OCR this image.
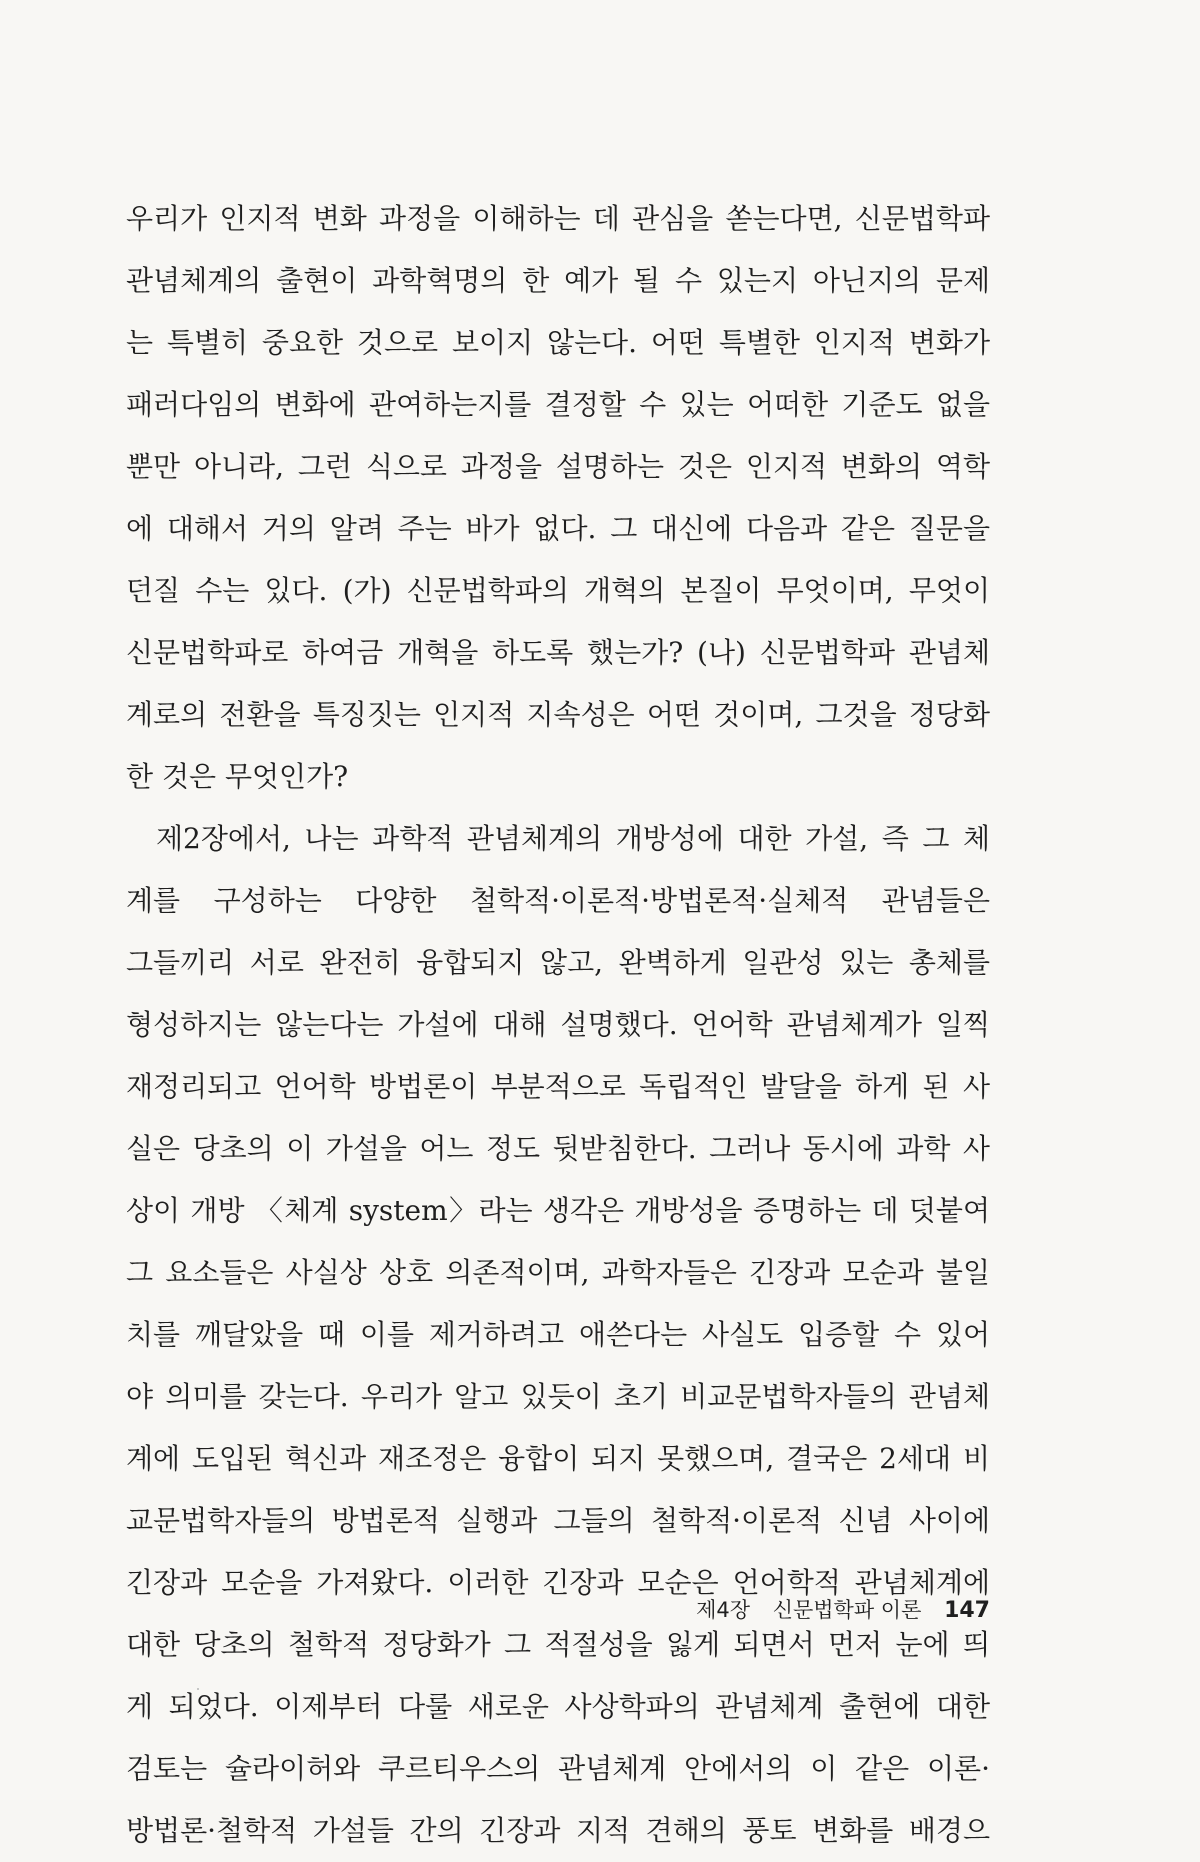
우리가 인지적 변화 과정을 이해하는 데 관심을 쏟는다면, 신문법학파
관념체계의 출현이 과학혁명의 한 예가 될 수 있는지 아닌지의 문제
는 특별히 중요한 것으로 보이지 않는다. 어떤 특별한 인지적 변화가
패러다임의 변화에 관여하는지를 결정할 수 있는 어떠한 기준도 없을
뿐만 아니라, 그런 식으로 과정을 설명하는 것은 인지적 변화의 역학
에 대해서 거의 알려 주는 바가 없다. 그 대신에 다음과 같은 질문을
던질 수는 있다. (가) 신문법학파의 개혁의 본질이 무엇이며, 무엇이
신문법학파로 하여금 개혁을 하도록 했는가? (나) 신문법학파 관념체
계로의 전환을 특징짓는 인지적 지속성은 어떤 것이며, 그것을 정당화
한 것은 무엇인가?
제2장에서, 나는 과학적 관념체계의 개방성에 대한 가설, 즉 그 체
계를 구성하는 다양한 철학적·이론적·방법론적·실체적 관념들은
그들끼리 서로 완전히 융합되지 않고, 완벽하게 일관성 있는 총체를
형성하지는 않는다는 가설에 대해 설명했다. 언어학 관념체계가 일찍
재정리되고 언어학 방법론이 부분적으로 독립적인 발달을 하게 된 사
실은 당초의 이 가설을 어느 정도 뒷받침한다. 그러나 동시에 과학 사
상이 개방 〈체계 system〉라는 생각은 개방성을 증명하는 데 덧붙여
그 요소들은 사실상 상호 의존적이며, 과학자들은 긴장과 모순과 불일
치를 깨달았을 때 이를 제거하려고 애쓴다는 사실도 입증할 수 있어
야 의미를 갖는다. 우리가 알고 있듯이 초기 비교문법학자들의 관념체
계에 도입된 혁신과 재조정은 융합이 되지 못했으며, 결국은 2세대 비
교문법학자들의 방법론적 실행과 그들의 철학적·이론적 신념 사이에
긴장과 모순을 가져왔다. 이러한 긴장과 모순은 언어학적 관념체계에
대한 당초의 철학적 정당화가 그 적절성을 잃게 되면서 먼저 눈에 띄
게 되었다. 이제부터 다룰 새로운 사상학파의 관념체계 출현에 대한
검토는 슐라이허와 쿠르티우스의 관념체계 안에서의 이 같은 이론·
방법론·철학적 가설들 간의 긴장과 지적 견해의 풍토 변화를 배경으
제4장 신문법학파 이론 147
